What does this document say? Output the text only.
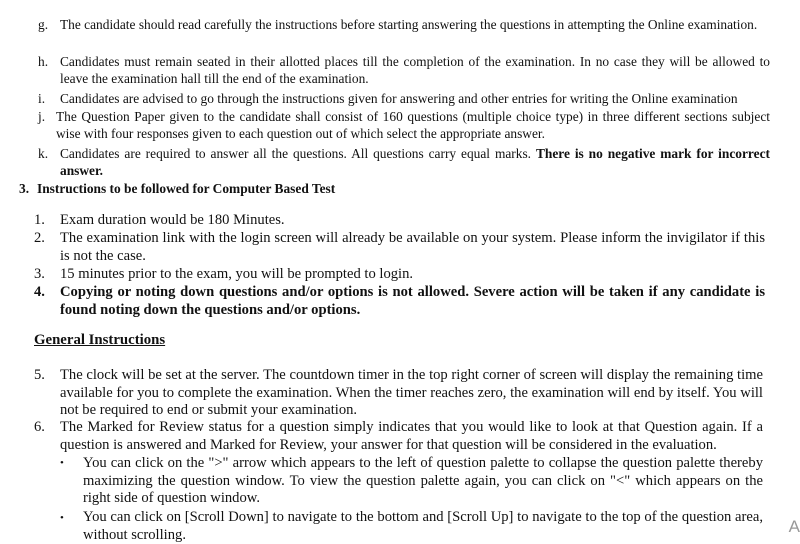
g. The candidate should read carefully the instructions before starting answering the questions in attempting the Online examination.
h. Candidates must remain seated in their allotted places till the completion of the examination. In no case they will be allowed to leave the examination hall till the end of the examination.
i. Candidates are advised to go through the instructions given for answering and other entries for writing the Online examination
j. The Question Paper given to the candidate shall consist of 160 questions (multiple choice type) in three different sections subject wise with four responses given to each question out of which select the appropriate answer.
k. Candidates are required to answer all the questions. All questions carry equal marks. There is no negative mark for incorrect answer.
3. Instructions to be followed for Computer Based Test
1. Exam duration would be 180 Minutes.
2. The examination link with the login screen will already be available on your system. Please inform the invigilator if this is not the case.
3. 15 minutes prior to the exam, you will be prompted to login.
4. Copying or noting down questions and/or options is not allowed. Severe action will be taken if any candidate is found noting down the questions and/or options.
General Instructions
5. The clock will be set at the server. The countdown timer in the top right corner of screen will display the remaining time available for you to complete the examination. When the timer reaches zero, the examination will end by itself. You will not be required to end or submit your examination.
6. The Marked for Review status for a question simply indicates that you would like to look at that Question again. If a question is answered and Marked for Review, your answer for that question will be considered in the evaluation.
• You can click on the ">" arrow which appears to the left of question palette to collapse the question palette thereby maximizing the question window. To view the question palette again, you can click on "<" which appears on the right side of question window.
• You can click on [Scroll Down] to navigate to the bottom and [Scroll Up] to navigate to the top of the question area, without scrolling.	A
